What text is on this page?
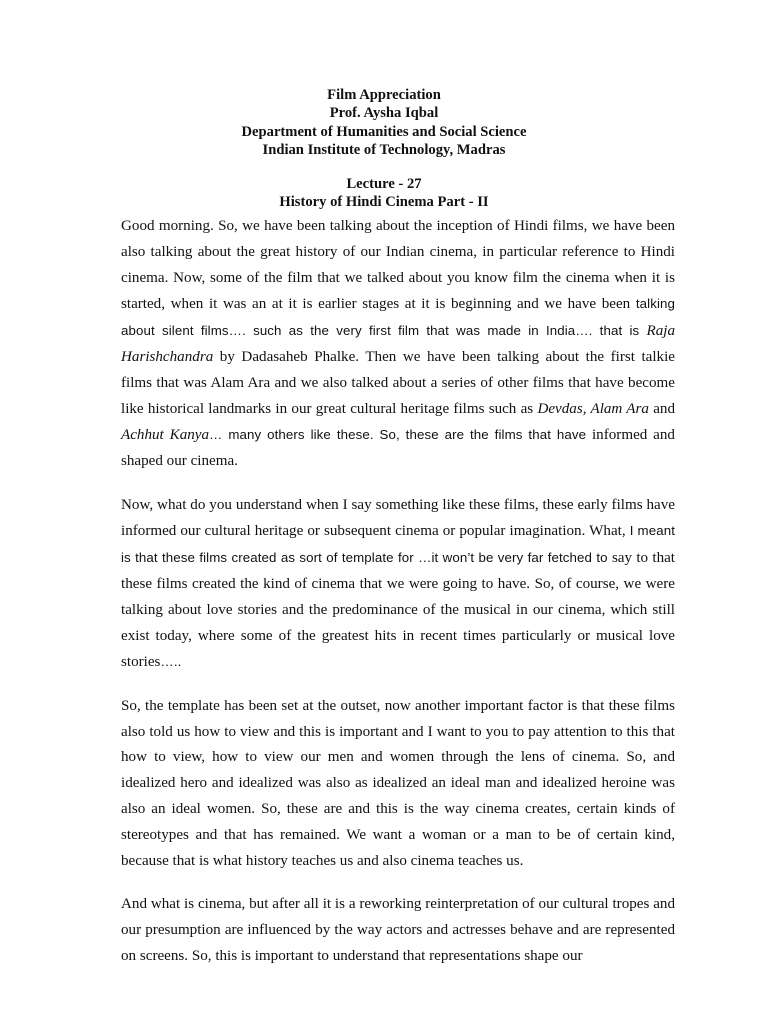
Film Appreciation
Prof. Aysha Iqbal
Department of Humanities and Social Science
Indian Institute of Technology, Madras
Lecture - 27
History of Hindi Cinema Part - II

Good morning. So, we have been talking about the inception of Hindi films, we have been also talking about the great history of our Indian cinema, in particular reference to Hindi cinema. Now, some of the film that we talked about you know film the cinema when it is started, when it was an at it is earlier stages at it is beginning and we have been talking about silent films…. such as the very first film that was made in India…. that is Raja Harishchandra by Dadasaheb Phalke. Then we have been talking about the first talkie films that was Alam Ara and we also talked about a series of other films that have become like historical landmarks in our great cultural heritage films such as Devdas, Alam Ara and Achhut Kanya… many others like these. So, these are the films that have informed and shaped our cinema.

Now, what do you understand when I say something like these films, these early films have informed our cultural heritage or subsequent cinema or popular imagination. What, I meant is that these films created as sort of template for …it won’t be very far fetched to say to that these films created the kind of cinema that we were going to have. So, of course, we were talking about love stories and the predominance of the musical in our cinema, which still exist today, where some of the greatest hits in recent times particularly or musical love stories…..

So, the template has been set at the outset, now another important factor is that these films also told us how to view and this is important and I want to you to pay attention to this that how to view, how to view our men and women through the lens of cinema. So, and idealized hero and idealized was also as idealized an ideal man and idealized heroine was also an ideal women. So, these are and this is the way cinema creates, certain kinds of stereotypes and that has remained. We want a woman or a man to be of certain kind, because that is what history teaches us and also cinema teaches us.

And what is cinema, but after all it is a reworking reinterpretation of our cultural tropes and our presumption are influenced by the way actors and actresses behave and are represented on screens. So, this is important to understand that representations shape our
